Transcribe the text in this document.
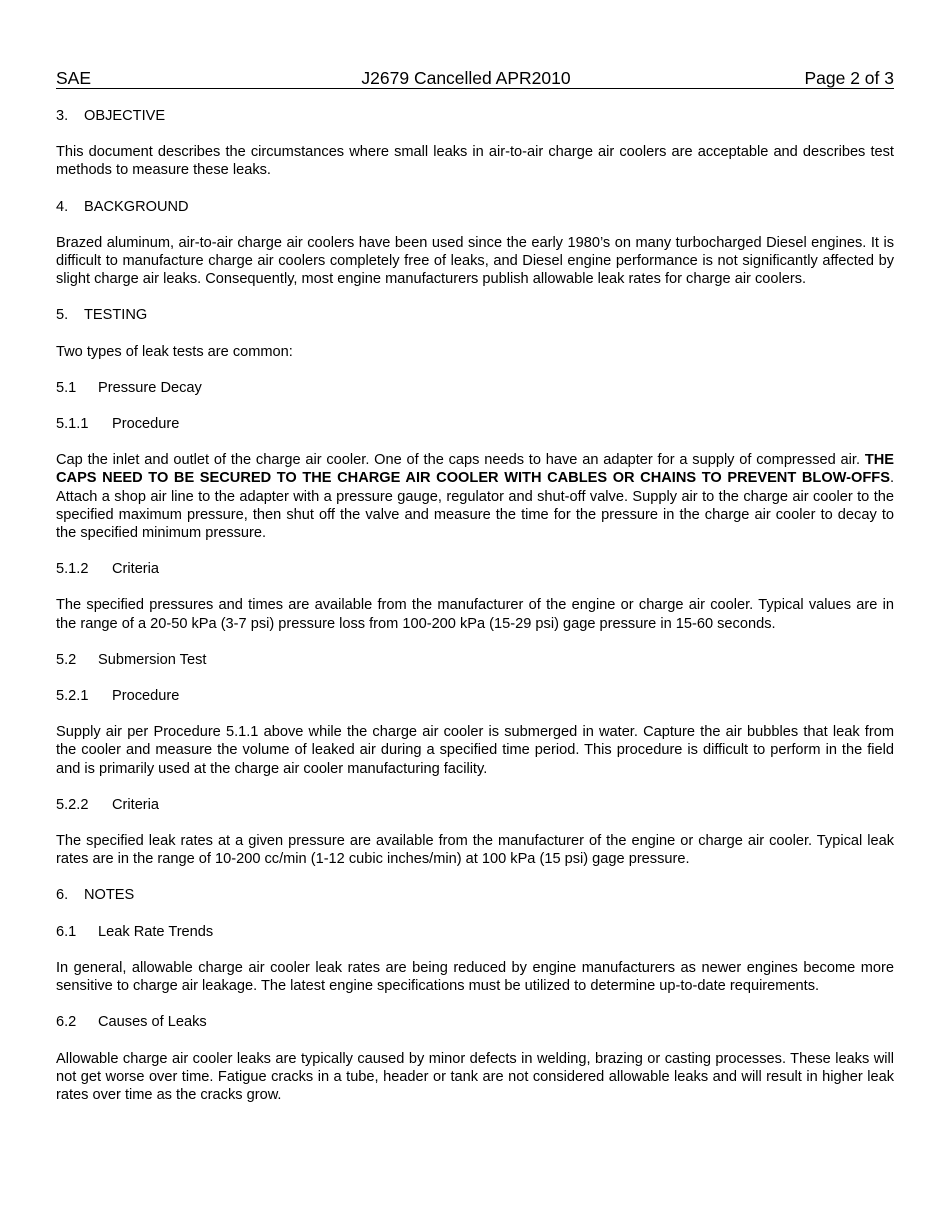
SAE	J2679 Cancelled APR2010	Page 2 of 3
3.	OBJECTIVE

This document describes the circumstances where small leaks in air-to-air charge air coolers are acceptable and describes test methods to measure these leaks.

4.	BACKGROUND

Brazed aluminum, air-to-air charge air coolers have been used since the early 1980’s on many turbocharged Diesel engines. It is difficult to manufacture charge air coolers completely free of leaks, and Diesel engine performance is not significantly affected by slight charge air leaks. Consequently, most engine manufacturers publish allowable leak rates for charge air coolers.

5.	TESTING

Two types of leak tests are common:

5.1	Pressure Decay
5.1.1	Procedure

Cap the inlet and outlet of the charge air cooler. One of the caps needs to have an adapter for a supply of compressed air. THE CAPS NEED TO BE SECURED TO THE CHARGE AIR COOLER WITH CABLES OR CHAINS TO PREVENT BLOW-OFFS. Attach a shop air line to the adapter with a pressure gauge, regulator and shut-off valve. Supply air to the charge air cooler to the specified maximum pressure, then shut off the valve and measure the time for the pressure in the charge air cooler to decay to the specified minimum pressure.

5.1.2	Criteria

The specified pressures and times are available from the manufacturer of the engine or charge air cooler. Typical values are in the range of a 20-50 kPa (3-7 psi) pressure loss from 100-200 kPa (15-29 psi) gage pressure in 15-60 seconds.

5.2	Submersion Test
5.2.1	Procedure

Supply air per Procedure 5.1.1 above while the charge air cooler is submerged in water. Capture the air bubbles that leak from the cooler and measure the volume of leaked air during a specified time period. This procedure is difficult to perform in the field and is primarily used at the charge air cooler manufacturing facility.

5.2.2	Criteria

The specified leak rates at a given pressure are available from the manufacturer of the engine or charge air cooler. Typical leak rates are in the range of 10-200 cc/min (1-12 cubic inches/min) at 100 kPa (15 psi) gage pressure.

6.	NOTES
6.1	Leak Rate Trends

In general, allowable charge air cooler leak rates are being reduced by engine manufacturers as newer engines become more sensitive to charge air leakage. The latest engine specifications must be utilized to determine up-to-date requirements.

6.2	Causes of Leaks

Allowable charge air cooler leaks are typically caused by minor defects in welding, brazing or casting processes. These leaks will not get worse over time. Fatigue cracks in a tube, header or tank are not considered allowable leaks and will result in higher leak rates over time as the cracks grow.
